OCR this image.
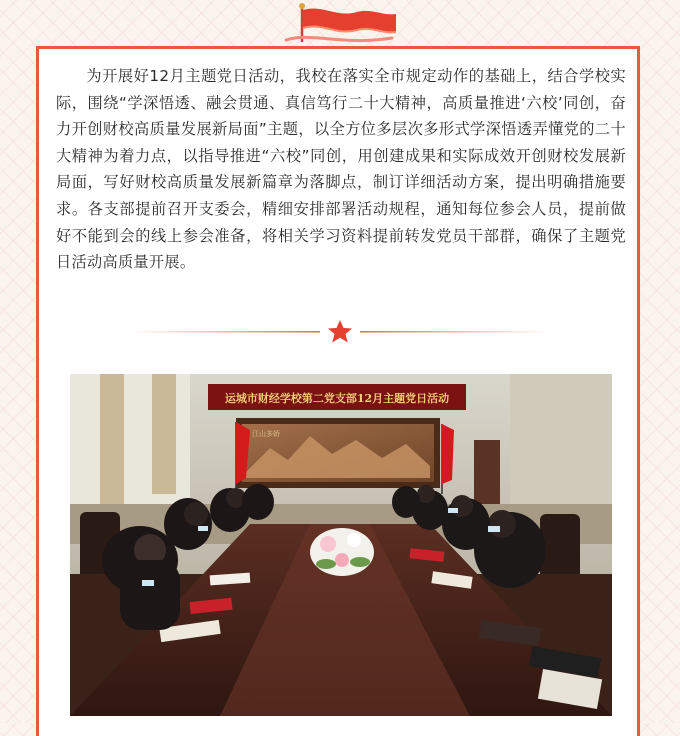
为开展好12月主题党日活动，我校在落实全市规定动作的基础上，结合学校实际，围绕“学深悟透、融会贯通、真信笃行二十大精神，高质量推进‘六校’同创，奋力开创财校高质量发展新局面”主题，以全方位多层次多形式学深悟透弄懂党的二十大精神为着力点，以指导推进“六校”同创，用创建成果和实际成效开创财校发展新局面，写好财校高质量发展新篇章为落脚点，制订详细活动方案，提出明确措施要求。各支部提前召开支委会，精细安排部署活动规程，通知每位参会人员，提前做好不能到会的线上参会准备，将相关学习资料提前转发党员干部群，确保了主题党日活动高质量开展。

运城市财经学校第二党支部12月主题党日活动
江山多娇
